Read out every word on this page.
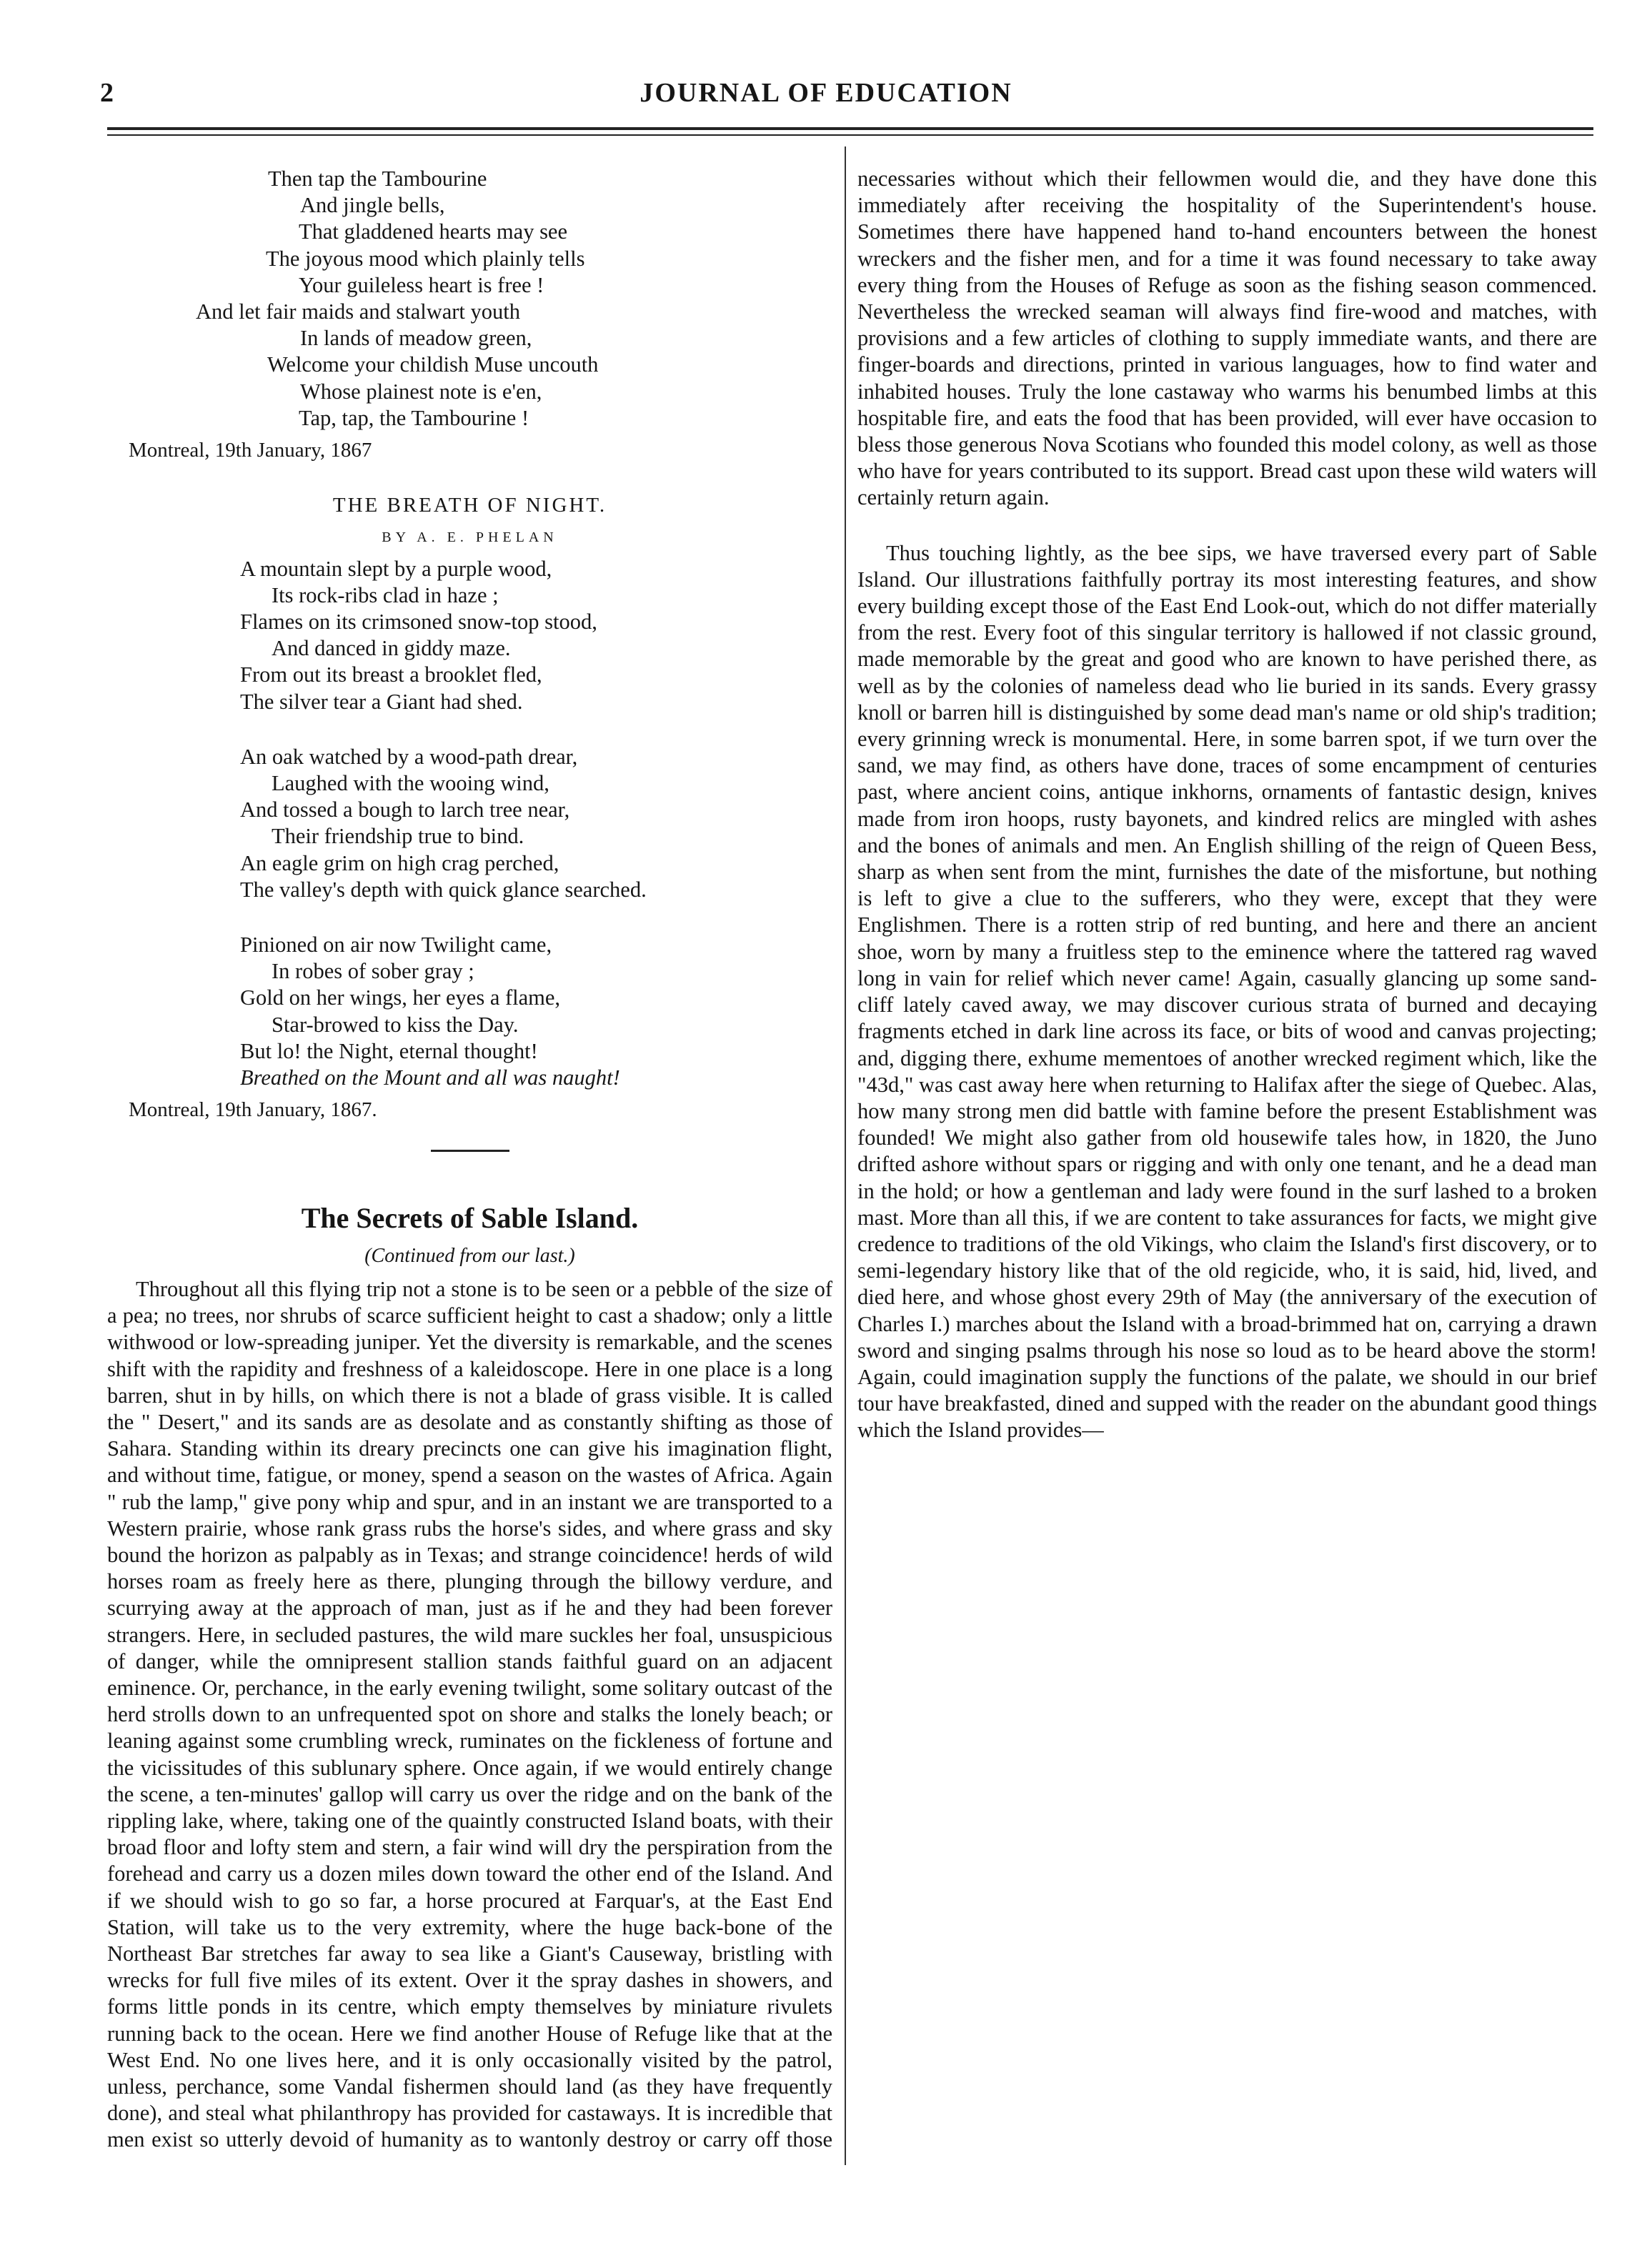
2	JOURNAL OF EDUCATION
Then tap the Tambourine
And jingle bells,
That gladdened hearts may see
The joyous mood which plainly tells
Your guileless heart is free !
And let fair maids and stalwart youth
In lands of meadow green,
Welcome your childish Muse uncouth
Whose plainest note is e'en,
Tap, tap, the Tambourine !
Montreal, 19th January, 1867
THE BREATH OF NIGHT.
BY A. E. PHELAN
A mountain slept by a purple wood,
Its rock-ribs clad in haze ;
Flames on its crimsoned snow-top stood,
And danced in giddy maze.
From out its breast a brooklet fled,
The silver tear a Giant had shed.
An oak watched by a wood-path drear,
Laughed with the wooing wind,
And tossed a bough to larch tree near,
Their friendship true to bind.
An eagle grim on high crag perched,
The valley's depth with quick glance searched.
Pinioned on air now Twilight came,
In robes of sober gray ;
Gold on her wings, her eyes a flame,
Star-browed to kiss the Day.
But lo! the Night, eternal thought!
Breathed on the Mount and all was naught!
Montreal, 19th January, 1867.
The Secrets of Sable Island.
(Continued from our last.)

Throughout all this flying trip not a stone is to be seen or a pebble of the size of a pea; no trees, nor shrubs of scarce sufficient height to cast a shadow; only a little withwood or low-spreading juniper. Yet the diversity is remarkable, and the scenes shift with the rapidity and freshness of a kaleidoscope. Here in one place is a long barren, shut in by hills, on which there is not a blade of grass visible. It is called the " Desert," and its sands are as desolate and as constantly shifting as those of Sahara. Standing within its dreary precincts one can give his imagination flight, and without time, fatigue, or money, spend a season on the wastes of Africa. Again " rub the lamp," give pony whip and spur, and in an instant we are transported to a Western prairie, whose rank grass rubs the horse's sides, and where grass and sky bound the horizon as palpably as in Texas; and strange coincidence! herds of wild horses roam as freely here as there, plunging through the billowy verdure, and scurrying away at the approach of man, just as if he and they had been forever strangers. Here, in secluded pastures, the wild mare suckles her foal, unsuspicious of danger, while the omnipresent stallion stands faithful guard on an adjacent eminence. Or, perchance, in the early evening twilight, some solitary outcast of the herd strolls down to an unfrequented spot on shore and stalks the lonely beach; or leaning against some crumbling wreck, ruminates on the fickleness of fortune and the vicissitudes of this sublunary sphere. Once again, if we would entirely change the scene, a ten-minutes' gallop will carry us over the ridge and on the bank of the rippling lake, where, taking one of the quaintly constructed Island boats, with their broad floor and lofty stem and stern, a fair wind will dry the perspiration from the forehead and carry us a dozen miles down toward the other end of the Island. And if we should wish to go so far, a horse procured at Farquar's, at the East End Station, will take us to the very extremity, where the huge back-bone of the Northeast Bar stretches far away to sea like a Giant's Causeway, bristling with wrecks for full five miles of its extent. Over it the spray dashes in showers, and forms little ponds in its centre, which empty themselves by miniature rivulets running back to the ocean. Here we find another House of Refuge like that at the West End. No one lives here, and it is only occasionally visited by the patrol, unless, perchance, some Vandal fishermen should land (as they have frequently done), and steal what philanthropy has provided for castaways. It is incredible that men exist so utterly devoid of humanity as to wantonly destroy or carry off those

necessaries without which their fellowmen would die, and they have done this immediately after receiving the hospitality of the Superintendent's house. Sometimes there have happened hand to-hand encounters between the honest wreckers and the fisher men, and for a time it was found necessary to take away every thing from the Houses of Refuge as soon as the fishing season commenced. Nevertheless the wrecked seaman will always find fire-wood and matches, with provisions and a few articles of clothing to supply immediate wants, and there are finger-boards and directions, printed in various languages, how to find water and inhabited houses. Truly the lone castaway who warms his benumbed limbs at this hospitable fire, and eats the food that has been provided, will ever have occasion to bless those generous Nova Scotians who founded this model colony, as well as those who have for years contributed to its support. Bread cast upon these wild waters will certainly return again.

Thus touching lightly, as the bee sips, we have traversed every part of Sable Island. Our illustrations faithfully portray its most interesting features, and show every building except those of the East End Look-out, which do not differ materially from the rest. Every foot of this singular territory is hallowed if not classic ground, made memorable by the great and good who are known to have perished there, as well as by the colonies of nameless dead who lie buried in its sands. Every grassy knoll or barren hill is distinguished by some dead man's name or old ship's tradition; every grinning wreck is monumental. Here, in some barren spot, if we turn over the sand, we may find, as others have done, traces of some encampment of centuries past, where ancient coins, antique inkhorns, ornaments of fantastic design, knives made from iron hoops, rusty bayonets, and kindred relics are mingled with ashes and the bones of animals and men. An English shilling of the reign of Queen Bess, sharp as when sent from the mint, furnishes the date of the misfortune, but nothing is left to give a clue to the sufferers, who they were, except that they were Englishmen. There is a rotten strip of red bunting, and here and there an ancient shoe, worn by many a fruitless step to the eminence where the tattered rag waved long in vain for relief which never came! Again, casually glancing up some sand-cliff lately caved away, we may discover curious strata of burned and decaying fragments etched in dark line across its face, or bits of wood and canvas projecting; and, digging there, exhume mementoes of another wrecked regiment which, like the "43d," was cast away here when returning to Halifax after the siege of Quebec. Alas, how many strong men did battle with famine before the present Establishment was founded! We might also gather from old housewife tales how, in 1820, the Juno drifted ashore without spars or rigging and with only one tenant, and he a dead man in the hold; or how a gentleman and lady were found in the surf lashed to a broken mast. More than all this, if we are content to take assurances for facts, we might give credence to traditions of the old Vikings, who claim the Island's first discovery, or to semi-legendary history like that of the old regicide, who, it is said, hid, lived, and died here, and whose ghost every 29th of May (the anniversary of the execution of Charles I.) marches about the Island with a broad-brimmed hat on, carrying a drawn sword and singing psalms through his nose so loud as to be heard above the storm! Again, could imagination supply the functions of the palate, we should in our brief tour have breakfasted, dined and supped with the reader on the abundant good things which the Island provides—
